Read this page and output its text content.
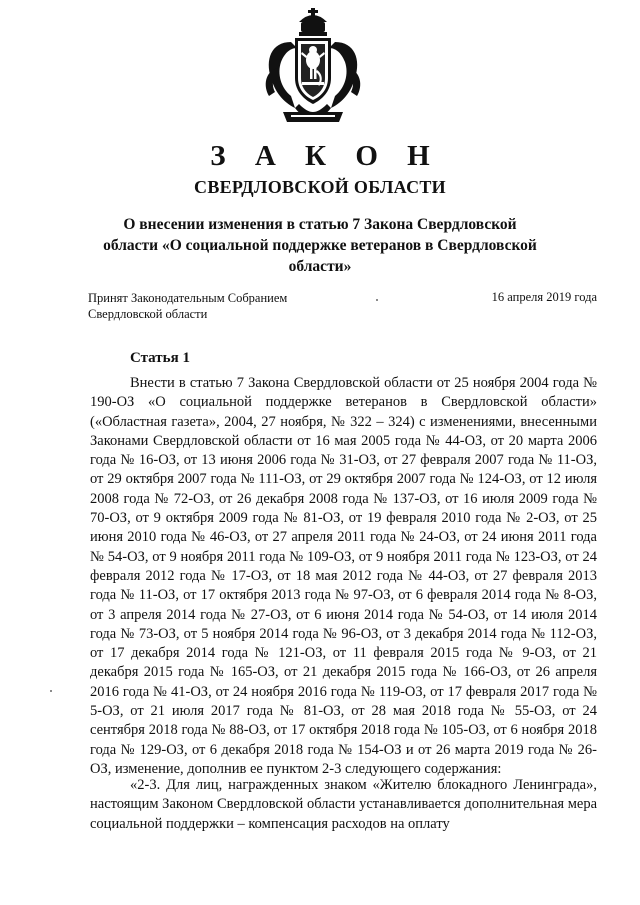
З А К О Н
СВЕРДЛОВСКОЙ ОБЛАСТИ
О внесении изменения в статью 7 Закона Свердловской области «О социальной поддержке ветеранов в Свердловской области»
Принят Законодательным Собранием
Свердловской области
16 апреля 2019 года
Статья 1

Внести в статью 7 Закона Свердловской области от 25 ноября 2004 года № 190-ОЗ «О социальной поддержке ветеранов в Свердловской области» («Областная газета», 2004, 27 ноября, № 322 – 324) с изменениями, внесенными Законами Свердловской области от 16 мая 2005 года № 44-ОЗ, от 20 марта 2006 года № 16-ОЗ, от 13 июня 2006 года № 31-ОЗ, от 27 февраля 2007 года № 11-ОЗ, от 29 октября 2007 года № 111-ОЗ, от 29 октября 2007 года № 124-ОЗ, от 12 июля 2008 года № 72-ОЗ, от 26 декабря 2008 года № 137-ОЗ, от 16 июля 2009 года № 70-ОЗ, от 9 октября 2009 года № 81-ОЗ, от 19 февраля 2010 года № 2-ОЗ, от 25 июня 2010 года № 46-ОЗ, от 27 апреля 2011 года № 24-ОЗ, от 24 июня 2011 года № 54-ОЗ, от 9 ноября 2011 года № 109-ОЗ, от 9 ноября 2011 года № 123-ОЗ, от 24 февраля 2012 года № 17-ОЗ, от 18 мая 2012 года № 44-ОЗ, от 27 февраля 2013 года № 11-ОЗ, от 17 октября 2013 года № 97-ОЗ, от 6 февраля 2014 года № 8-ОЗ, от 3 апреля 2014 года № 27-ОЗ, от 6 июня 2014 года № 54-ОЗ, от 14 июля 2014 года № 73-ОЗ, от 5 ноября 2014 года № 96-ОЗ, от 3 декабря 2014 года № 112-ОЗ, от 17 декабря 2014 года № 121-ОЗ, от 11 февраля 2015 года № 9-ОЗ, от 21 декабря 2015 года № 165-ОЗ, от 21 декабря 2015 года № 166-ОЗ, от 26 апреля 2016 года № 41-ОЗ, от 24 ноября 2016 года № 119-ОЗ, от 17 февраля 2017 года № 5-ОЗ, от 21 июля 2017 года № 81-ОЗ, от 28 мая 2018 года № 55-ОЗ, от 24 сентября 2018 года № 88-ОЗ, от 17 октября 2018 года № 105-ОЗ, от 6 ноября 2018 года № 129-ОЗ, от 6 декабря 2018 года № 154-ОЗ и от 26 марта 2019 года № 26-ОЗ, изменение, дополнив ее пунктом 2-3 следующего содержания:

«2-3. Для лиц, награжденных знаком «Жителю блокадного Ленинграда», настоящим Законом Свердловской области устанавливается дополнительная мера социальной поддержки – компенсация расходов на оплату
